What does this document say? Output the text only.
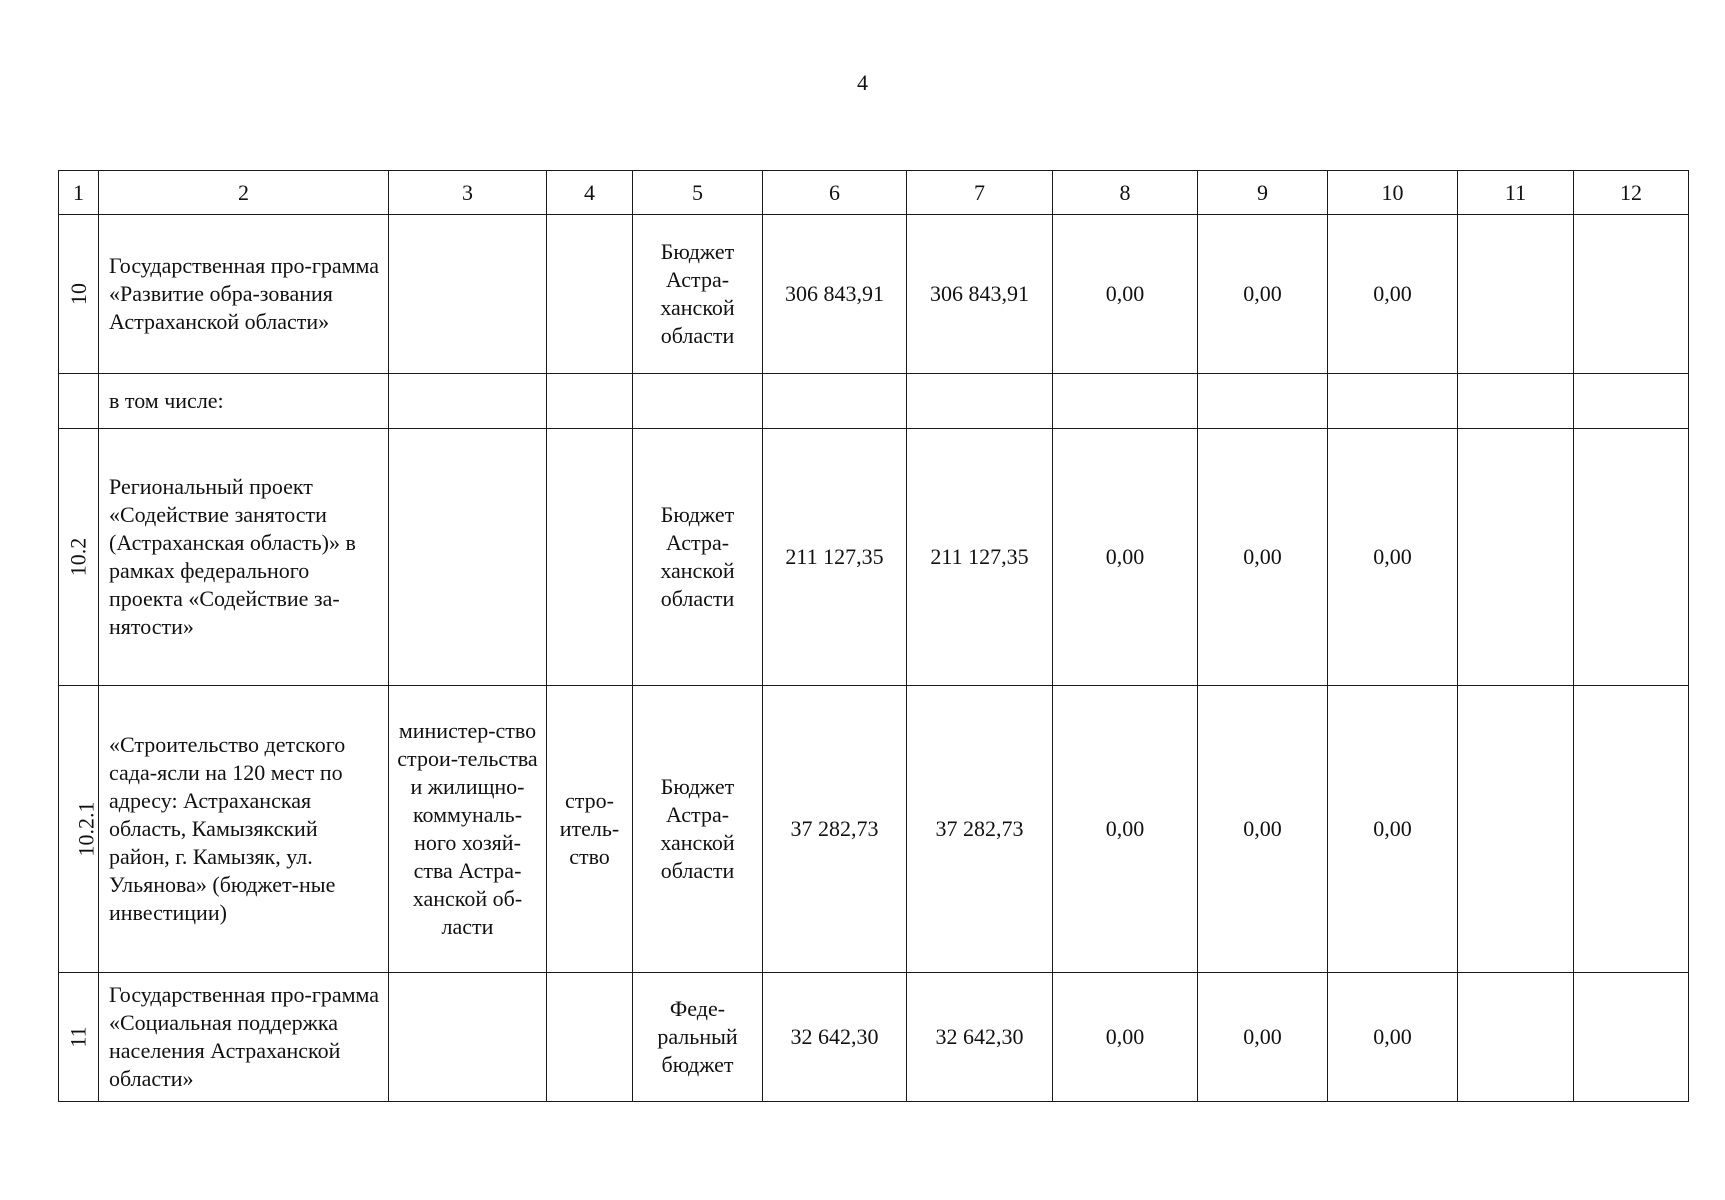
4
1	2	3	4	5	6	7	8	9	10	11	12
10	Государственная про-грамма «Развитие обра-зования Астраханской области»			Бюджет Астра-ханской области	306 843,91	306 843,91	0,00	0,00	0,00		
	в том числе:										
10.2	Региональный проект «Содействие занятости (Астраханская область)» в рамках федерального проекта «Содействие за-нятости»			Бюджет Астра-ханской области	211 127,35	211 127,35	0,00	0,00	0,00		
10.2.1	«Строительство детского сада-ясли на 120 мест по адресу: Астраханская область, Камызякский район, г. Камызяк, ул. Ульянова» (бюджет-ные инвестиции)	министер-ство строи-тельства и жилищно-коммуналь-ного хозяй-ства Астра-ханской об-ласти	стро-итель-ство	Бюджет Астра-ханской области	37 282,73	37 282,73	0,00	0,00	0,00		
11	Государственная про-грамма «Социальная поддержка населения Астраханской области»			Феде-ральный бюджет	32 642,30	32 642,30	0,00	0,00	0,00		
